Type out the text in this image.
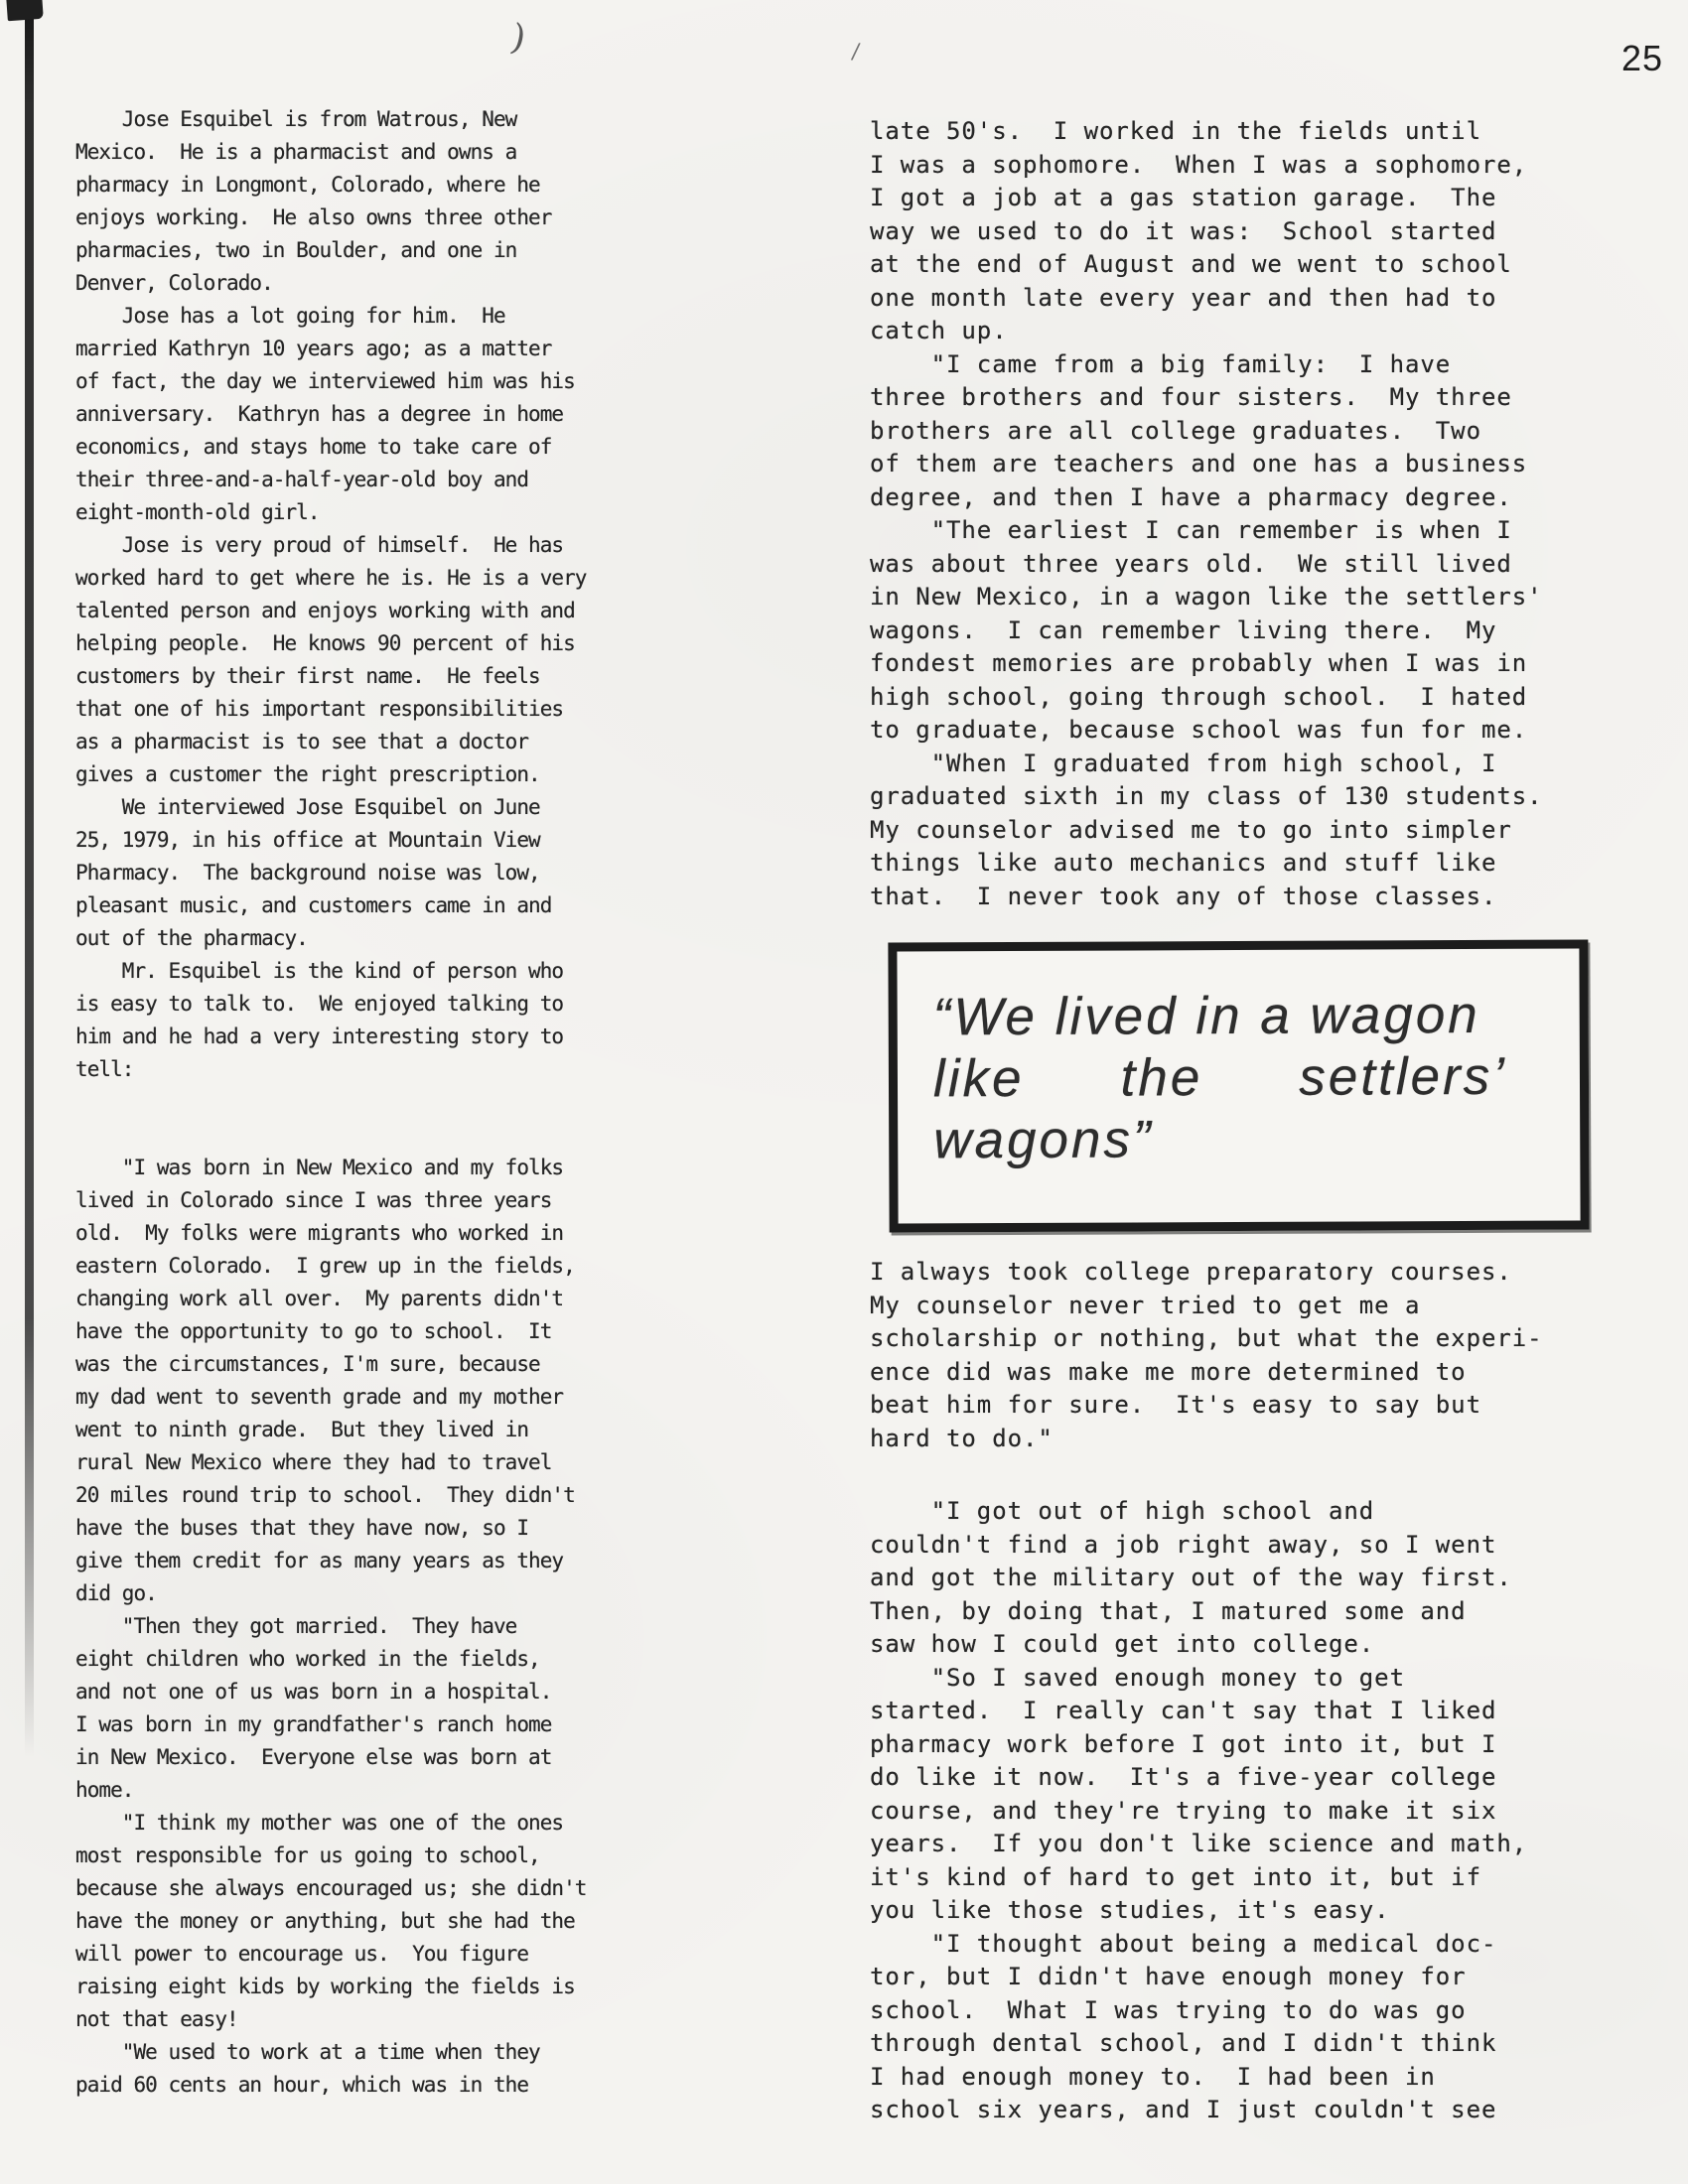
)	/	25
Jose Esquibel is from Watrous, New
Mexico.  He is a pharmacist and owns a
pharmacy in Longmont, Colorado, where he
enjoys working.  He also owns three other
pharmacies, two in Boulder, and one in
Denver, Colorado.
Jose has a lot going for him.  He
married Kathryn 10 years ago; as a matter
of fact, the day we interviewed him was his
anniversary.  Kathryn has a degree in home
economics, and stays home to take care of
their three-and-a-half-year-old boy and
eight-month-old girl.
Jose is very proud of himself.  He has
worked hard to get where he is. He is a very
talented person and enjoys working with and
helping people.  He knows 90 percent of his
customers by their first name.  He feels
that one of his important responsibilities
as a pharmacist is to see that a doctor
gives a customer the right prescription.
We interviewed Jose Esquibel on June
25, 1979, in his office at Mountain View
Pharmacy.  The background noise was low,
pleasant music, and customers came in and
out of the pharmacy.
Mr. Esquibel is the kind of person who
is easy to talk to.  We enjoyed talking to
him and he had a very interesting story to
tell:

"I was born in New Mexico and my folks
lived in Colorado since I was three years
old.  My folks were migrants who worked in
eastern Colorado.  I grew up in the fields,
changing work all over.  My parents didn't
have the opportunity to go to school.  It
was the circumstances, I'm sure, because
my dad went to seventh grade and my mother
went to ninth grade.  But they lived in
rural New Mexico where they had to travel
20 miles round trip to school.  They didn't
have the buses that they have now, so I
give them credit for as many years as they
did go.
"Then they got married.  They have
eight children who worked in the fields,
and not one of us was born in a hospital.
I was born in my grandfather's ranch home
in New Mexico.  Everyone else was born at
home.
"I think my mother was one of the ones
most responsible for us going to school,
because she always encouraged us; she didn't
have the money or anything, but she had the
will power to encourage us.  You figure
raising eight kids by working the fields is
not that easy!
"We used to work at a time when they
paid 60 cents an hour, which was in the
late 50's.  I worked in the fields until
I was a sophomore.  When I was a sophomore,
I got a job at a gas station garage.  The
way we used to do it was:  School started
at the end of August and we went to school
one month late every year and then had to
catch up.
"I came from a big family:  I have
three brothers and four sisters.  My three
brothers are all college graduates.  Two
of them are teachers and one has a business
degree, and then I have a pharmacy degree.
"The earliest I can remember is when I
was about three years old.  We still lived
in New Mexico, in a wagon like the settlers'
wagons.  I can remember living there.  My
fondest memories are probably when I was in
high school, going through school.  I hated
to graduate, because school was fun for me.
"When I graduated from high school, I
graduated sixth in my class of 130 students.
My counselor advised me to go into simpler
things like auto mechanics and stuff like
that.  I never took any of those classes.
“We lived in a wagon
like the settlers’
wagons”
I always took college preparatory courses.
My counselor never tried to get me a
scholarship or nothing, but what the experi-
ence did was make me more determined to
beat him for sure.  It's easy to say but
hard to do."
"I got out of high school and
couldn't find a job right away, so I went
and got the military out of the way first.
Then, by doing that, I matured some and
saw how I could get into college.
"So I saved enough money to get
started.  I really can't say that I liked
pharmacy work before I got into it, but I
do like it now.  It's a five-year college
course, and they're trying to make it six
years.  If you don't like science and math,
it's kind of hard to get into it, but if
you like those studies, it's easy.
"I thought about being a medical doc-
tor, but I didn't have enough money for
school.  What I was trying to do was go
through dental school, and I didn't think
I had enough money to.  I had been in
school six years, and I just couldn't see
